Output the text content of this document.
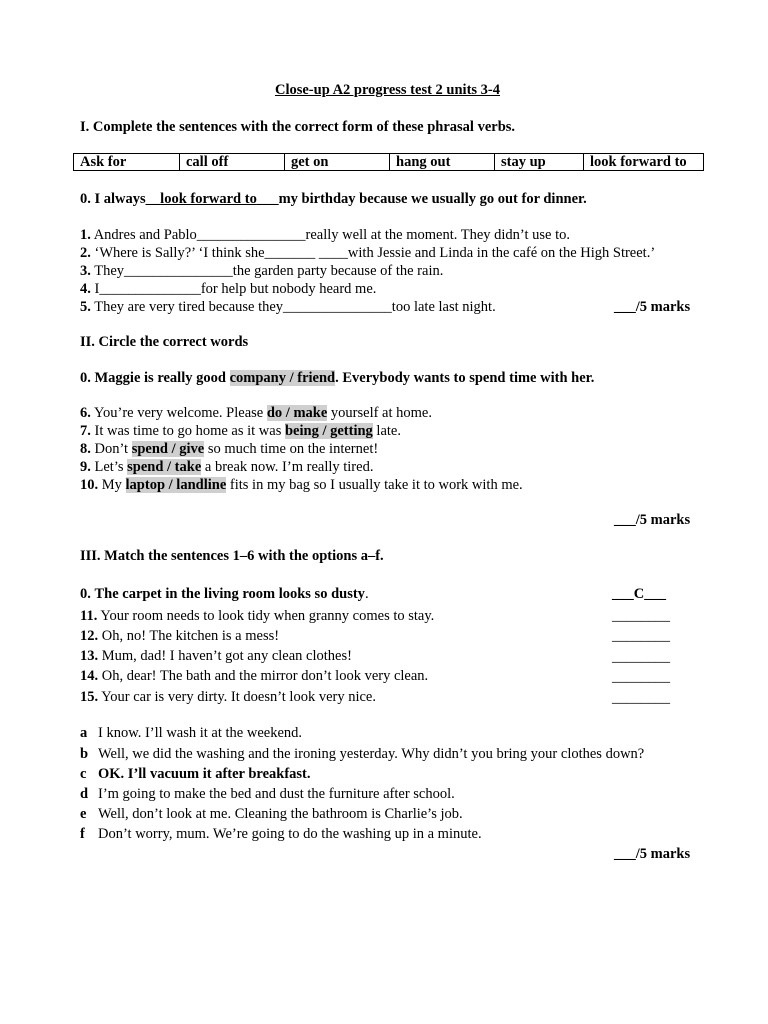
Close-up A2 progress test 2 units 3-4
I. Complete the sentences with the correct form of these phrasal verbs.
Ask for	call off	get on	hang out	stay up	look forward to
0. I always__look forward to___my birthday because we usually go out for dinner.
1. Andres and Pablo_______________really well at the moment. They didn’t use to.
2. ‘Where is Sally?’ ‘I think she_______ ____with Jessie and Linda in the café on the High Street.’
3. They_______________the garden party because of the rain.
4. I______________for help but nobody heard me.
5. They are very tired because they_______________too late last night.	___/5 marks
II. Circle the correct words
0. Maggie is really good company / friend. Everybody wants to spend time with her.
6. You’re very welcome. Please do / make yourself at home.
7. It was time to go home as it was being / getting late.
8. Don’t spend / give so much time on the internet!
9. Let’s spend / take a break now. I’m really tired.
10. My laptop / landline fits in my bag so I usually take it to work with me.
___/5 marks
III. Match the sentences 1–6 with the options a–f.
0. The carpet in the living room looks so dusty.	___C___
11. Your room needs to look tidy when granny comes to stay.	________
12. Oh, no! The kitchen is a mess!	________
13. Mum, dad! I haven’t got any clean clothes!	________
14. Oh, dear! The bath and the mirror don’t look very clean.	________
15. Your car is very dirty. It doesn’t look very nice.	________
a I know. I’ll wash it at the weekend.
b Well, we did the washing and the ironing yesterday. Why didn’t you bring your clothes down?
c OK. I’ll vacuum it after breakfast.
d I’m going to make the bed and dust the furniture after school.
e Well, don’t look at me. Cleaning the bathroom is Charlie’s job.
f Don’t worry, mum. We’re going to do the washing up in a minute.
___/5 marks
